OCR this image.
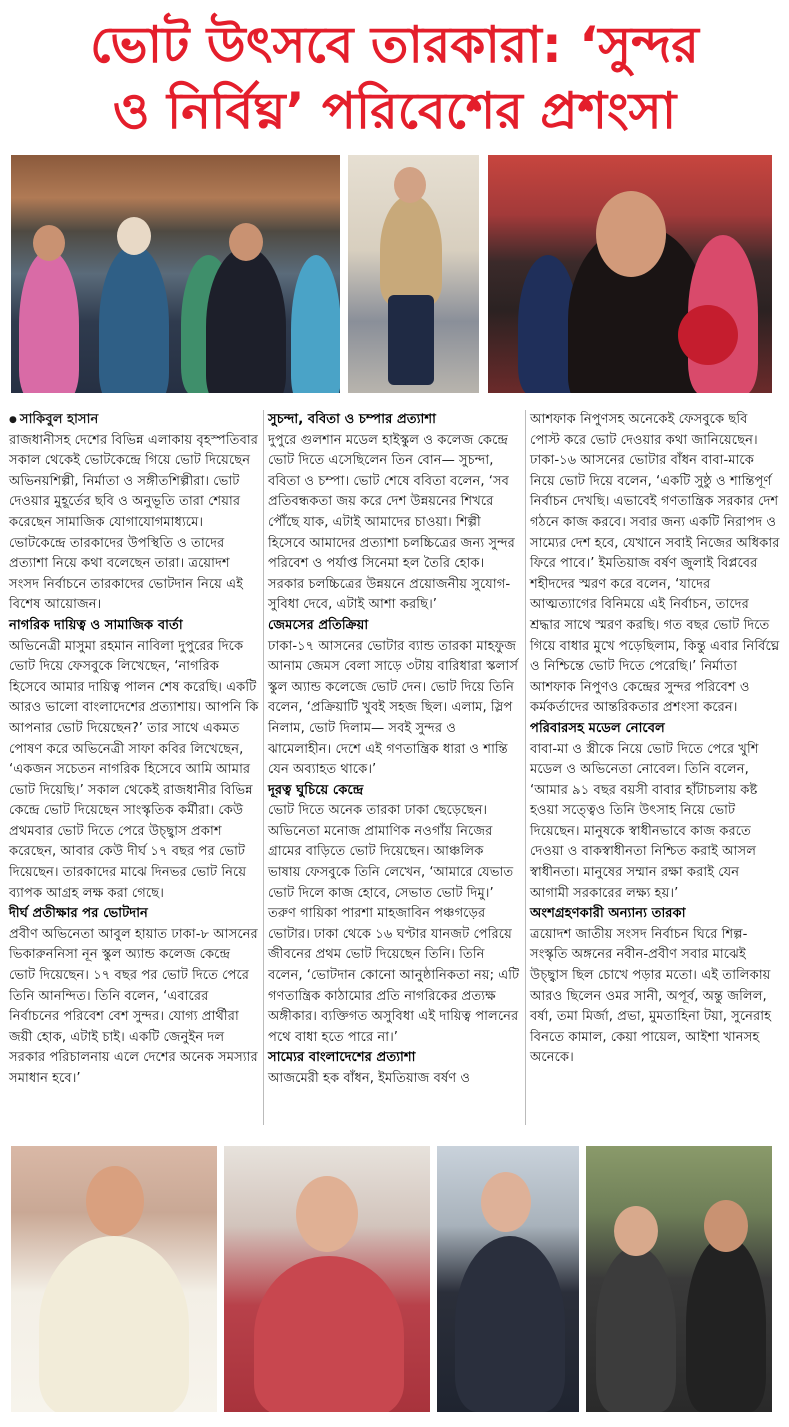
ভোট উৎসবে তারকারা: ‘সুন্দর
ও নির্বিঘ্ন’ পরিবেশের প্রশংসা

● সাকিবুল হাসান

রাজধানীসহ দেশের বিভিন্ন এলাকায় বৃহস্পতিবার সকাল থেকেই ভোটকেন্দ্রে গিয়ে ভোট দিয়েছেন অভিনয়শিল্পী, নির্মাতা ও সঙ্গীতশিল্পীরা। ভোট দেওয়ার মুহূর্তের ছবি ও অনুভূতি তারা শেয়ার করেছেন সামাজিক যোগাযোগমাধ্যমে। ভোটকেন্দ্রে তারকাদের উপস্থিতি ও তাদের প্রত্যাশা নিয়ে কথা বলেছেন তারা। ত্রয়োদশ সংসদ নির্বাচনে তারকাদের ভোটদান নিয়ে এই বিশেষ আয়োজন।

নাগরিক দায়িত্ব ও সামাজিক বার্তা

অভিনেত্রী মাসুমা রহমান নাবিলা দুপুরের দিকে ভোট দিয়ে ফেসবুকে লিখেছেন, ‘নাগরিক হিসেবে আমার দায়িত্ব পালন শেষ করেছি। একটি আরও ভালো বাংলাদেশের প্রত্যাশায়। আপনি কি আপনার ভোট দিয়েছেন?’ তার সাথে একমত পোষণ করে অভিনেত্রী সাফা কবির লিখেছেন, ‘একজন সচেতন নাগরিক হিসেবে আমি আমার ভোট দিয়েছি।’ সকাল থেকেই রাজধানীর বিভিন্ন কেন্দ্রে ভোট দিয়েছেন সাংস্কৃতিক কর্মীরা। কেউ প্রথমবার ভোট দিতে পেরে উচ্ছ্বাস প্রকাশ করেছেন, আবার কেউ দীর্ঘ ১৭ বছর পর ভোট দিয়েছেন। তারকাদের মাঝে দিনভর ভোট নিয়ে ব্যাপক আগ্রহ লক্ষ করা গেছে।

দীর্ঘ প্রতীক্ষার পর ভোটদান

প্রবীণ অভিনেতা আবুল হায়াত ঢাকা-৮ আসনের ভিকারুননিসা নূন স্কুল অ্যান্ড কলেজ কেন্দ্রে ভোট দিয়েছেন। ১৭ বছর পর ভোট দিতে পেরে তিনি আনন্দিত। তিনি বলেন, ‘এবারের নির্বাচনের পরিবেশ বেশ সুন্দর। যোগ্য প্রার্থীরা জয়ী হোক, এটাই চাই। একটি জেনুইন দল সরকার পরিচালনায় এলে দেশের অনেক সমস্যার সমাধান হবে।’

সুচন্দা, ববিতা ও চম্পার প্রত্যাশা

দুপুরে গুলশান মডেল হাইস্কুল ও কলেজ কেন্দ্রে ভোট দিতে এসেছিলেন তিন বোন— সুচন্দা, ববিতা ও চম্পা। ভোট শেষে ববিতা বলেন, ‘সব প্রতিবন্ধকতা জয় করে দেশ উন্নয়নের শিখরে পৌঁছে যাক, এটাই আমাদের চাওয়া। শিল্পী হিসেবে আমাদের প্রত্যাশা চলচ্চিত্রের জন্য সুন্দর পরিবেশ ও পর্যাপ্ত সিনেমা হল তৈরি হোক। সরকার চলচ্চিত্রের উন্নয়নে প্রয়োজনীয় সুযোগ-সুবিধা দেবে, এটাই আশা করছি।’

জেমসের প্রতিক্রিয়া

ঢাকা-১৭ আসনের ভোটার ব্যান্ড তারকা মাহফুজ আনাম জেমস বেলা সাড়ে ৩টায় বারিধারা স্কলার্স স্কুল অ্যান্ড কলেজে ভোট দেন। ভোট দিয়ে তিনি বলেন, ‘প্রক্রিয়াটি খুবই সহজ ছিল। এলাম, স্লিপ নিলাম, ভোট দিলাম— সবই সুন্দর ও ঝামেলাহীন। দেশে এই গণতান্ত্রিক ধারা ও শান্তি যেন অব্যাহত থাকে।’

দূরত্ব ঘুচিয়ে কেন্দ্রে

ভোট দিতে অনেক তারকা ঢাকা ছেড়েছেন। অভিনেতা মনোজ প্রামাণিক নওগাঁয় নিজের গ্রামের বাড়িতে ভোট দিয়েছেন। আঞ্চলিক ভাষায় ফেসবুকে তিনি লেখেন, ‘আমারে যেভাত ভোট দিলে কাজ হোবে, সেভাত ভোট দিমু।’ তরুণ গায়িকা পারশা মাহজাবিন পঞ্চগড়ের ভোটার। ঢাকা থেকে ১৬ ঘণ্টার যানজট পেরিয়ে জীবনের প্রথম ভোট দিয়েছেন তিনি। তিনি বলেন, ‘ভোটদান কোনো আনুষ্ঠানিকতা নয়; এটি গণতান্ত্রিক কাঠামোর প্রতি নাগরিকের প্রত্যক্ষ অঙ্গীকার। ব্যক্তিগত অসুবিধা এই দায়িত্ব পালনের পথে বাধা হতে পারে না।’

সাম্যের বাংলাদেশের প্রত্যাশা

আজমেরী হক বাঁধন, ইমতিয়াজ বর্ষণ ও

আশফাক নিপুণসহ অনেকেই ফেসবুকে ছবি পোস্ট করে ভোট দেওয়ার কথা জানিয়েছেন। ঢাকা-১৬ আসনের ভোটার বাঁধন বাবা-মাকে নিয়ে ভোট দিয়ে বলেন, ‘একটি সুষ্ঠু ও শান্তিপূর্ণ নির্বাচন দেখছি। এভাবেই গণতান্ত্রিক সরকার দেশ গঠনে কাজ করবে। সবার জন্য একটি নিরাপদ ও সাম্যের দেশ হবে, যেখানে সবাই নিজের অধিকার ফিরে পাবে।’ ইমতিয়াজ বর্ষণ জুলাই বিপ্লবের শহীদদের স্মরণ করে বলেন, ‘যাদের আত্মত্যাগের বিনিময়ে এই নির্বাচন, তাদের শ্রদ্ধার সাথে স্মরণ করছি। গত বছর ভোট দিতে গিয়ে বাধার মুখে পড়েছিলাম, কিন্তু এবার নির্বিঘ্নে ও নিশ্চিন্তে ভোট দিতে পেরেছি।’ নির্মাতা আশফাক নিপুণও কেন্দ্রের সুন্দর পরিবেশ ও কর্মকর্তাদের আন্তরিকতার প্রশংসা করেন।

পরিবারসহ মডেল নোবেল

বাবা-মা ও স্ত্রীকে নিয়ে ভোট দিতে পেরে খুশি মডেল ও অভিনেতা নোবেল। তিনি বলেন, ‘আমার ৯১ বছর বয়সী বাবার হাঁটাচলায় কষ্ট হওয়া সত্ত্বেও তিনি উৎসাহ নিয়ে ভোট দিয়েছেন। মানুষকে স্বাধীনভাবে কাজ করতে দেওয়া ও বাকস্বাধীনতা নিশ্চিত করাই আসল স্বাধীনতা। মানুষের সম্মান রক্ষা করাই যেন আগামী সরকারের লক্ষ্য হয়।’

অংশগ্রহণকারী অন্যান্য তারকা

ত্রয়োদশ জাতীয় সংসদ নির্বাচন ঘিরে শিল্প-সংস্কৃতি অঙ্গনের নবীন-প্রবীণ সবার মাঝেই উচ্ছ্বাস ছিল চোখে পড়ার মতো। এই তালিকায় আরও ছিলেন ওমর সানী, অপূর্ব, অন্তু জলিল, বর্ষা, তমা মির্জা, প্রভা, মুমতাহিনা টয়া, সুনেরাহ বিনতে কামাল, কেয়া পায়েল, আইশা খানসহ অনেকে।
